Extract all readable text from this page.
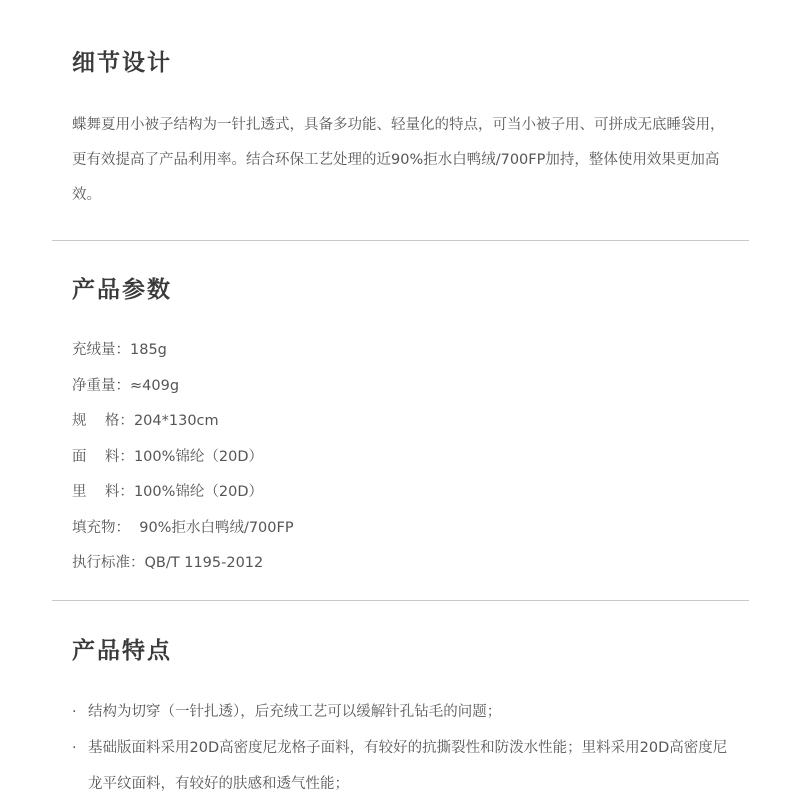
细节设计

蝶舞夏用小被子结构为一针扎透式，具备多功能、轻量化的特点，可当小被子用、可拼成无底睡袋用，更有效提高了产品利用率。结合环保工艺处理的近90%拒水白鸭绒/700FP加持，整体使用效果更加高效。

产品参数
充绒量： 185g
净重量： ≈409g
规    格： 204*130cm
面    料： 100%锦纶（20D）
里    料： 100%锦纶（20D）
填充物： 90%拒水白鸭绒/700FP
执行标准： QB/T 1195-2012
产品特点
· 结构为切穿（一针扎透），后充绒工艺可以缓解针孔钻毛的问题；
· 基础版面料采用20D高密度尼龙格子面料，有较好的抗撕裂性和防泼水性能；里料采用20D高密度尼龙平纹面料，有较好的肤感和透气性能；
